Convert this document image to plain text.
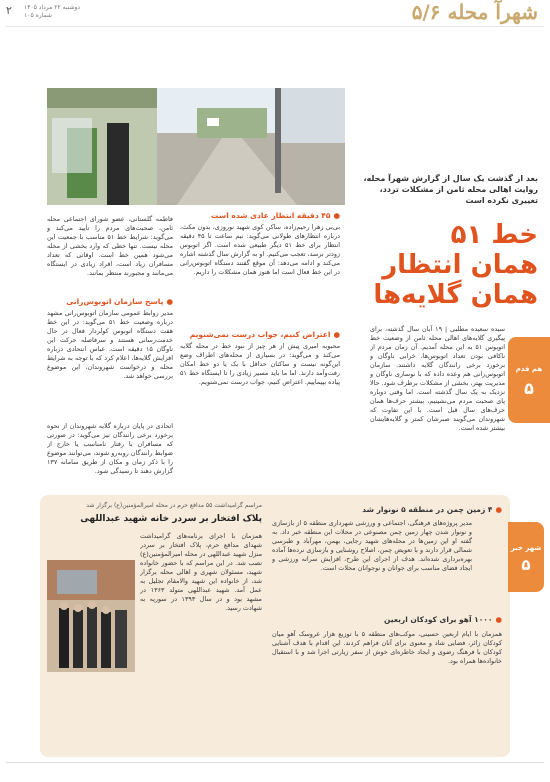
۲	دوشنبه ۲۲ مرداد ۱۴۰۵
شماره ۱۰۵	شهرآ محله ۵/۶
بعد از گذشت یک سال از گزارش شهرآ محله، روایت اهالی محله ثامن از مشکلات تردد، تغییری نکرده است
خط ۵۱
همان انتظار
همان گلایه‌ها
هم قدم
۵
سیده سعیده مطلبی | ۱۹ آبان سال گذشته، برای پیگیری گلایه‌های اهالی محله ثامن از وضعیت خط اتوبوس ۵۱ به این محله آمدیم. آن زمان مردم از ناکافی بودن تعداد اتوبوس‌ها، خرابی ناوگان و برخورد برخی رانندگان گلایه داشتند. سازمان اتوبوس‌رانی هم وعده داده که با نوسازی ناوگان و مدیریت بهتر، بخشی از مشکلات برطرف شود. حالا نزدیک به یک سال گذشته است. اما وقتی دوباره پای صحبت مردم می‌نشینیم، بیشتر حرف‌ها همان حرف‌های سال قبل است. با این تفاوت که شهروندان می‌گویند صبرشان کمتر و گلایه‌هایشان بیشتر شده است.
●۴۵ دقیقه انتظار عادی شده است
بی‌بی زهرا رحیم‌زاده، ساکن کوی شهید نوروزی، بدون مکث، درباره انتظارهای طولانی می‌گوید: نیم ساعت تا ۴۵ دقیقه انتظار برای خط ۵۱ دیگر طبیعی شده است. اگر اتوبوس زودتر برسد، تعجب می‌کنیم. او به گزارش سال گذشته اشاره می‌کند و ادامه می‌دهد: آن موقع گفتند دستگاه اتوبوس‌رانی در این خط فعال است اما هنوز همان مشکلات را داریم.
●اعتراض کنیم، جواب درست نمی‌شنویم
محبوبه امیری پیش از هر چیز از نبود خط در محله گلایه می‌کند و می‌گوید: در بسیاری از محله‌های اطراف وضع این‌گونه نیست و ساکنان حداقل با یک یا دو خط امکان رفت‌وآمد دارند. اما ما باید مسیر زیادی را تا ایستگاه خط ۵۱ پیاده بپیماییم. اعتراض کنیم، جواب درست نمی‌شنویم.
فاطمه گلستانی، عضو شورای اجتماعی محله ثامن، صحبت‌های مردم را تأیید می‌کند و می‌گوید: شرایط خط ۵۱ مناسب با جمعیت این محله نیست. تنها خطی که وارد بخشی از محله می‌شود همین خط است. اوقاتی که تعداد مسافران زیاد است، افراد زیادی در ایستگاه می‌مانند و مجبورند منتظر بمانند.
●پاسخ سازمان اتوبوس‌رانی
مدیر روابط عمومی سازمان اتوبوس‌رانی مشهد درباره وضعیت خط ۵۱ می‌گوید: در این خط هفت دستگاه اتوبوس کولردار فعال در حال خدمت‌رسانی هستند و سرفاصله حرکت این ناوگان ۱۵ دقیقه است. عباس انتحادی درباره افزایش گلایه‌ها، اعلام کرد که با توجه به شرایط محله و درخواست شهروندان، این موضوع بررسی خواهد شد.
اتحادی در پایان درباره گلایه شهروندان از نحوه برخورد برخی رانندگان نیز می‌گوید: در صورتی که مسافران با رفتار نامناسب یا خارج از ضوابط رانندگان روبه‌رو شوند، می‌توانند موضوع را با ذکر زمان و مکان از طریق سامانه ۱۳۷ گزارش دهند تا رسیدگی شود.
شهر خبر
۵
●۴ زمین چمن در منطقه ۵ نونوار شد
مدیر پروژه‌های فرهنگی، اجتماعی و ورزشی شهرداری منطقه ۵ از بازسازی و نونوار شدن چهار زمین چمن مصنوعی در محلات این منطقه خبر داد. به گفته او این زمین‌ها در محله‌های شهید رجایی، بهمن، مهرآباد و طبرسی شمالی قرار دارند و با تعویض چمن، اصلاح روشنایی و بازسازی نرده‌ها آماده بهره‌برداری شده‌اند. هدف از اجرای این طرح، افزایش سرانه ورزشی و ایجاد فضای مناسب برای جوانان و نوجوانان محلات است.
●۱۰۰۰ آهو برای کودکان اربعین
همزمان با ایام اربعین حسینی، موکب‌های منطقه ۵ با توزیع هزار عروسک آهو میان کودکان زائر، فضایی شاد و معنوی برای آنان فراهم کردند. این اقدام با هدف آشنایی کودکان با فرهنگ رضوی و ایجاد خاطره‌ای خوش از سفر زیارتی اجرا شد و با استقبال خانواده‌ها همراه بود.
مراسم گرامیداشت ۵۵ مدافع حرم در محله امیرالمؤمنین(ع) برگزار شد
پلاک افتخار بر سردر خانه شهید عبداللهی
همزمان با اجرای برنامه‌های گرامیداشت شهدای مدافع حرم، پلاک افتخار بر سردر منزل شهید عبداللهی در محله امیرالمؤمنین(ع) نصب شد. در این مراسم که با حضور خانواده شهید، مسئولان شهری و اهالی محله برگزار شد، از خانواده این شهید والامقام تجلیل به عمل آمد. شهید عبداللهی متولد ۱۳۶۳ در مشهد بود و در سال ۱۳۹۳ در سوریه به شهادت رسید.
